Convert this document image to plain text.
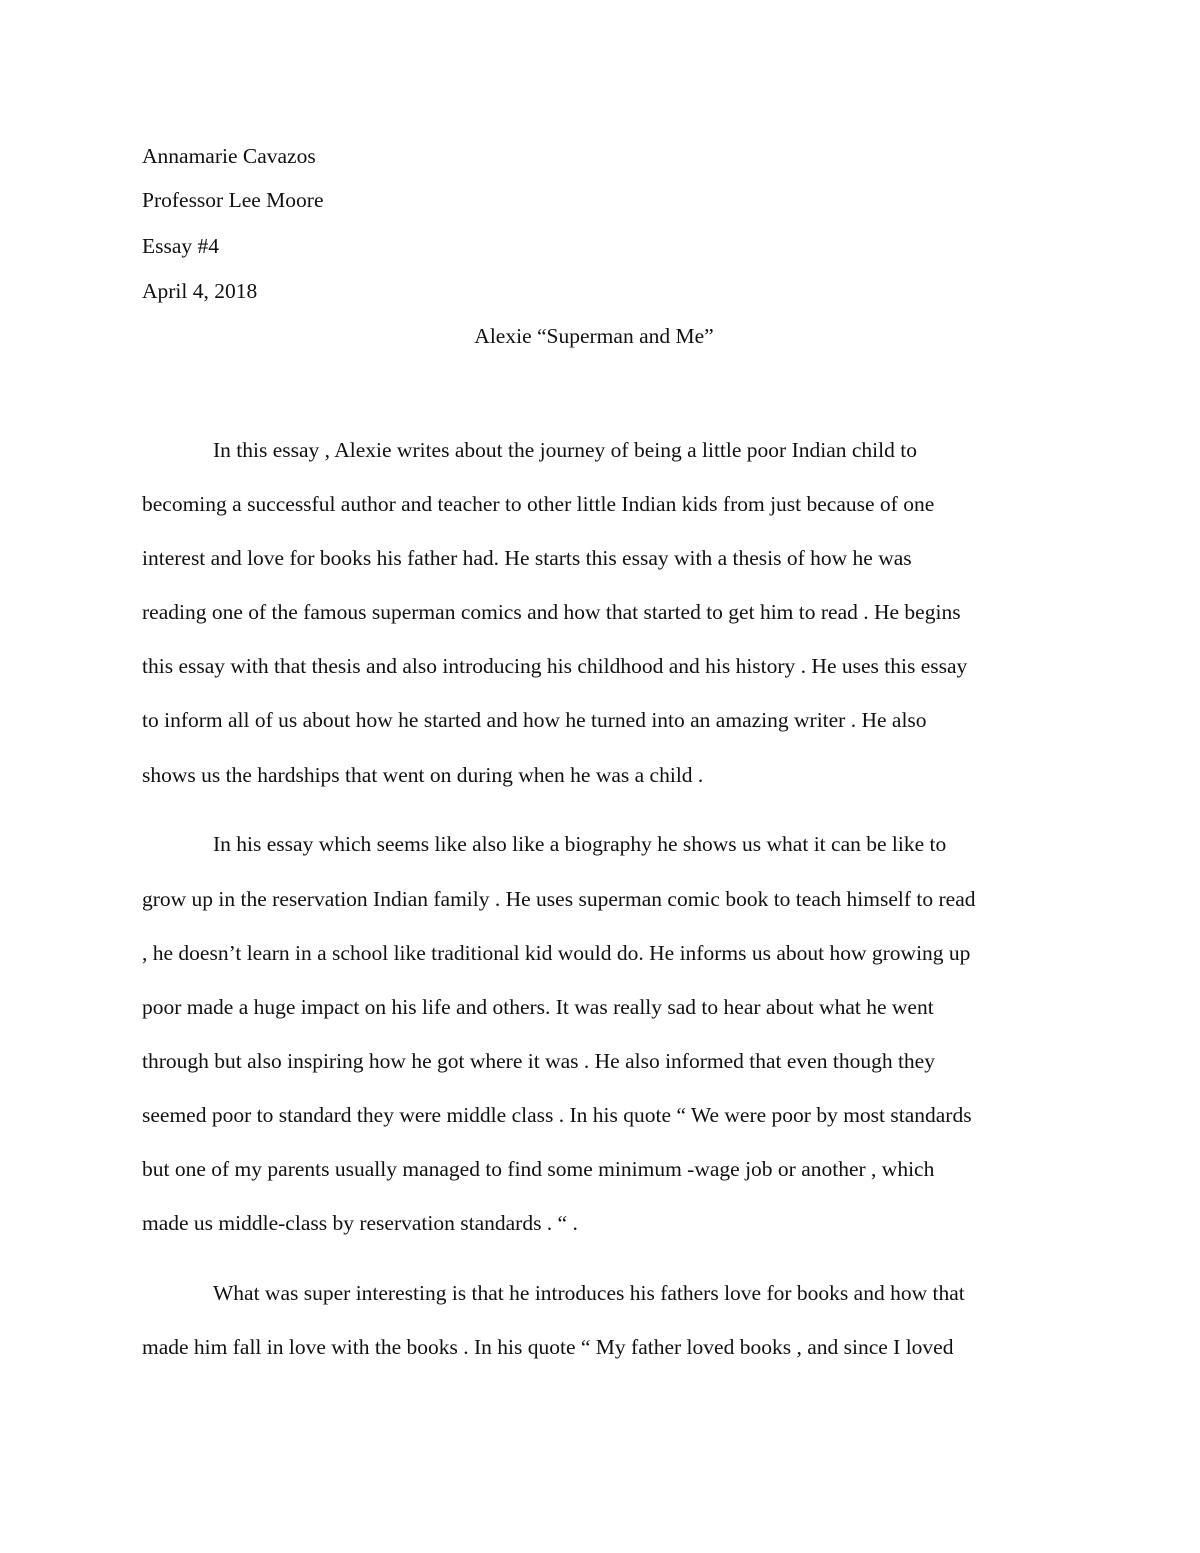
Annamarie Cavazos
Professor Lee Moore
Essay #4
April 4, 2018
Alexie “Superman and Me”
In this essay , Alexie writes about the journey of being a little poor Indian child to
becoming a successful author and teacher to other little Indian kids from just because of one
interest and love for books his father had. He starts this essay with a thesis of how he was
reading one of the famous superman comics and how that started to get him to read . He begins
this essay with that thesis and also introducing his childhood and his history . He uses this essay
to inform all of us about how he started and how he turned into an amazing writer . He also
shows us the hardships that went on during when he was a child .
In his essay which seems like also like a biography he shows us what it can be like to
grow up in the reservation Indian family . He uses superman comic book to teach himself to read
, he doesn’t learn in a school like traditional kid would do. He informs us about how growing up
poor made a huge impact on his life and others. It was really sad to hear about what he went
through but also inspiring how he got where it was . He also informed that even though they
seemed poor to standard they were middle class . In his quote “ We were poor by most standards
but one of my parents usually managed to find some minimum -wage job or another , which
made us middle-class by reservation standards . “ .
What was super interesting is that he introduces his fathers love for books and how that
made him fall in love with the books . In his quote “ My father loved books , and since I loved
